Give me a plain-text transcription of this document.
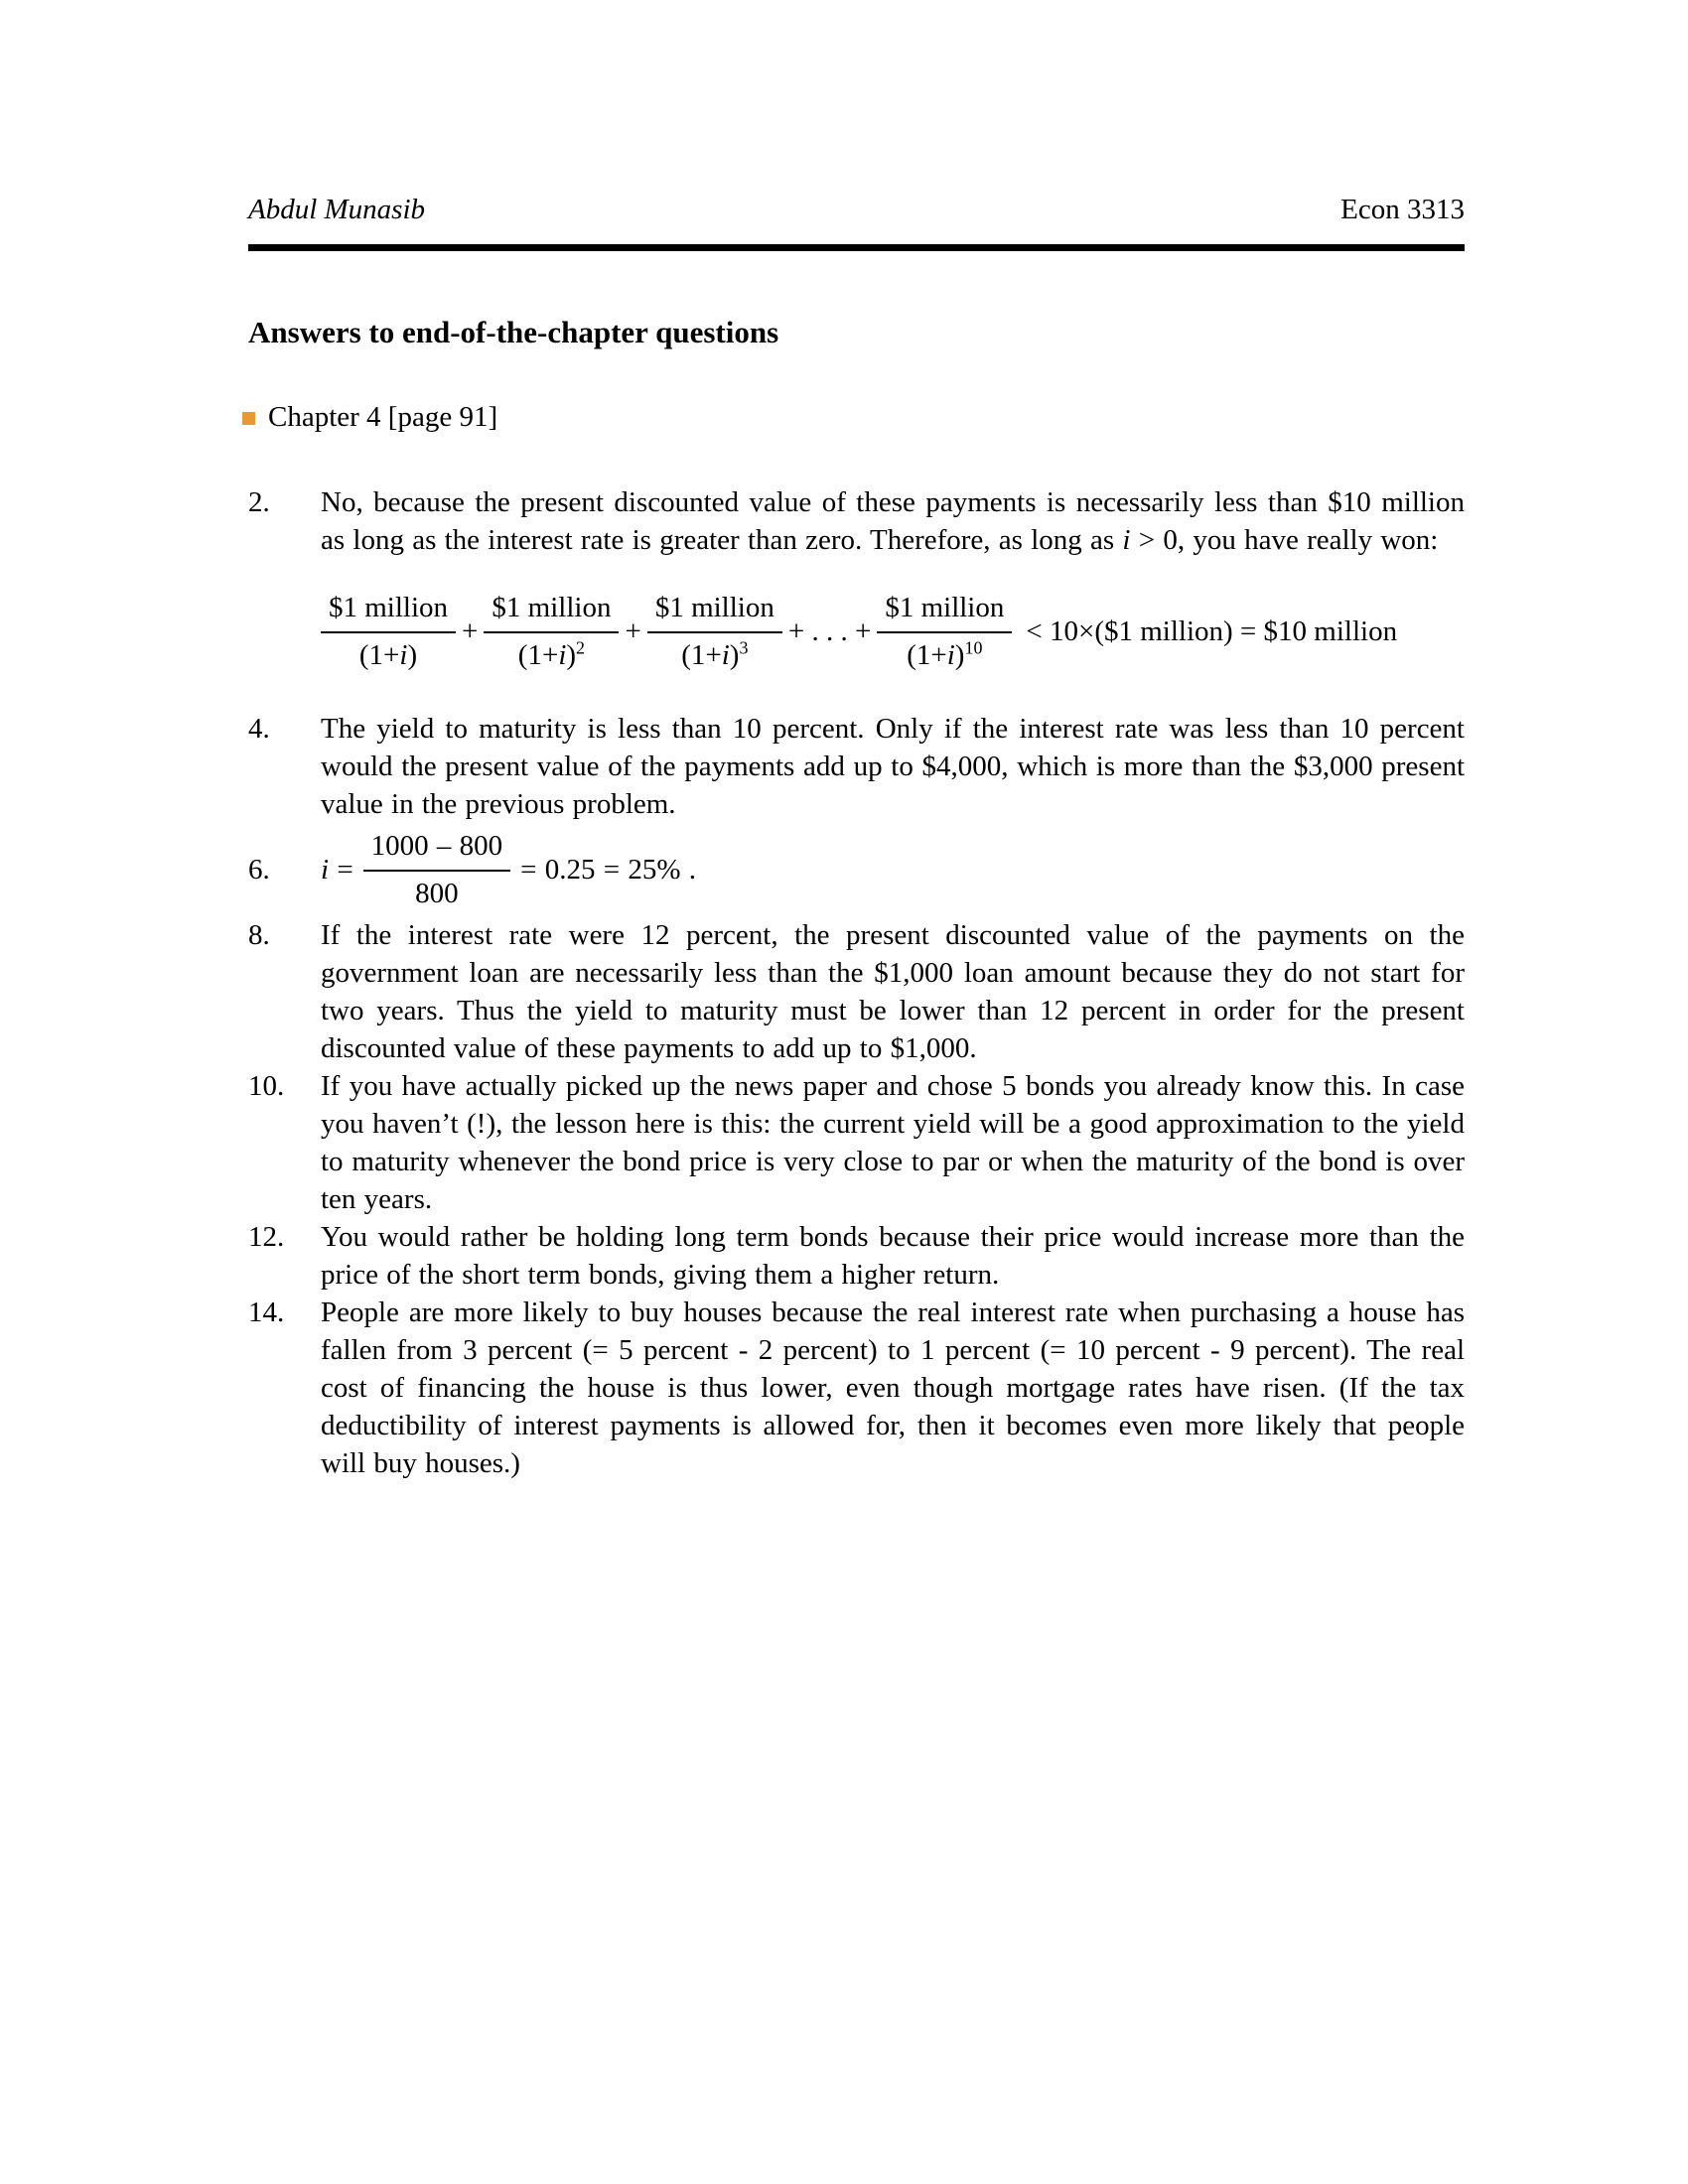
Abdul Munasib	Econ 3313
Answers to end-of-the-chapter questions
Chapter 4 [page 91]
2.	No, because the present discounted value of these payments is necessarily less than $10 million as long as the interest rate is greater than zero. Therefore, as long as i > 0, you have really won:
$\frac{\text{\$1 million}}{(1+i)} + \frac{\text{\$1 million}}{(1+i)^2} + \frac{\text{\$1 million}}{(1+i)^3}$ + . . . + $\frac{\text{\$1 million}}{(1+i)^{10}}$ < 10×($1 million) = $10 million
4.	The yield to maturity is less than 10 percent. Only if the interest rate was less than 10 percent would the present value of the payments add up to $4,000, which is more than the $3,000 present value in the previous problem.
6.	$i = \frac{1000 - 800}{800} = 0.25 = 25\%$ .
8.	If the interest rate were 12 percent, the present discounted value of the payments on the government loan are necessarily less than the $1,000 loan amount because they do not start for two years. Thus the yield to maturity must be lower than 12 percent in order for the present discounted value of these payments to add up to $1,000.
10.	If you have actually picked up the news paper and chose 5 bonds you already know this. In case you haven’t (!), the lesson here is this: the current yield will be a good approximation to the yield to maturity whenever the bond price is very close to par or when the maturity of the bond is over ten years.
12.	You would rather be holding long term bonds because their price would increase more than the price of the short term bonds, giving them a higher return.
14.	People are more likely to buy houses because the real interest rate when purchasing a house has fallen from 3 percent (= 5 percent - 2 percent) to 1 percent (= 10 percent - 9 percent). The real cost of financing the house is thus lower, even though mortgage rates have risen. (If the tax deductibility of interest payments is allowed for, then it becomes even more likely that people will buy houses.)
